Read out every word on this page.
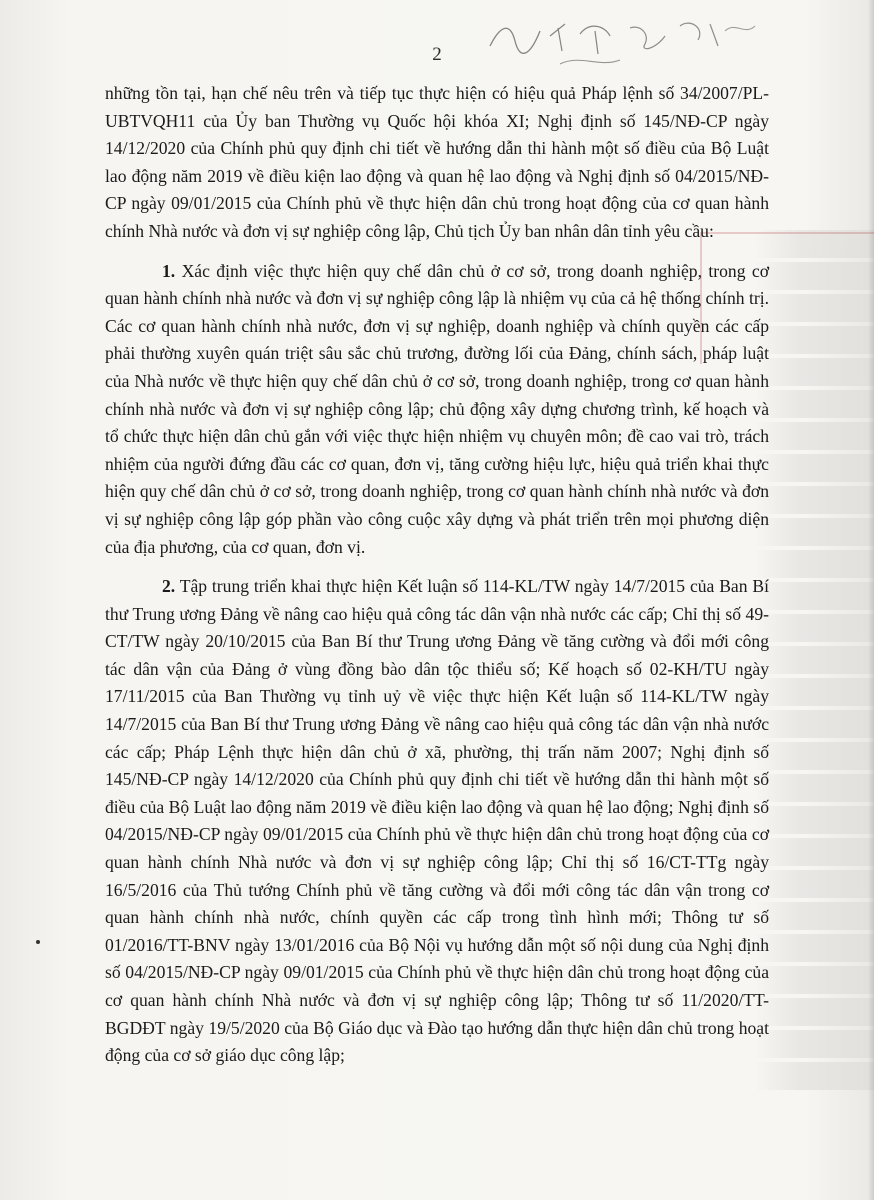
2

những tồn tại, hạn chế nêu trên và tiếp tục thực hiện có hiệu quả Pháp lệnh số 34/2007/PL-UBTVQH11 của Ủy ban Thường vụ Quốc hội khóa XI; Nghị định số 145/NĐ-CP ngày 14/12/2020 của Chính phủ quy định chi tiết về hướng dẫn thi hành một số điều của Bộ Luật lao động năm 2019 về điều kiện lao động và quan hệ lao động và Nghị định số 04/2015/NĐ-CP ngày 09/01/2015 của Chính phủ về thực hiện dân chủ trong hoạt động của cơ quan hành chính Nhà nước và đơn vị sự nghiệp công lập, Chủ tịch Ủy ban nhân dân tỉnh yêu cầu:

1. Xác định việc thực hiện quy chế dân chủ ở cơ sở, trong doanh nghiệp, trong cơ quan hành chính nhà nước và đơn vị sự nghiệp công lập là nhiệm vụ của cả hệ thống chính trị. Các cơ quan hành chính nhà nước, đơn vị sự nghiệp, doanh nghiệp và chính quyền các cấp phải thường xuyên quán triệt sâu sắc chủ trương, đường lối của Đảng, chính sách, pháp luật của Nhà nước về thực hiện quy chế dân chủ ở cơ sở, trong doanh nghiệp, trong cơ quan hành chính nhà nước và đơn vị sự nghiệp công lập; chủ động xây dựng chương trình, kế hoạch và tổ chức thực hiện dân chủ gắn với việc thực hiện nhiệm vụ chuyên môn; đề cao vai trò, trách nhiệm của người đứng đầu các cơ quan, đơn vị, tăng cường hiệu lực, hiệu quả triển khai thực hiện quy chế dân chủ ở cơ sở, trong doanh nghiệp, trong cơ quan hành chính nhà nước và đơn vị sự nghiệp công lập góp phần vào công cuộc xây dựng và phát triển trên mọi phương diện của địa phương, của cơ quan, đơn vị.

2. Tập trung triển khai thực hiện Kết luận số 114-KL/TW ngày 14/7/2015 của Ban Bí thư Trung ương Đảng về nâng cao hiệu quả công tác dân vận nhà nước các cấp; Chỉ thị số 49-CT/TW ngày 20/10/2015 của Ban Bí thư Trung ương Đảng về tăng cường và đổi mới công tác dân vận của Đảng ở vùng đồng bào dân tộc thiểu số; Kế hoạch số 02-KH/TU ngày 17/11/2015 của Ban Thường vụ tỉnh uỷ về việc thực hiện Kết luận số 114-KL/TW ngày 14/7/2015 của Ban Bí thư Trung ương Đảng về nâng cao hiệu quả công tác dân vận nhà nước các cấp; Pháp Lệnh thực hiện dân chủ ở xã, phường, thị trấn năm 2007; Nghị định số 145/NĐ-CP ngày 14/12/2020 của Chính phủ quy định chi tiết về hướng dẫn thi hành một số điều của Bộ Luật lao động năm 2019 về điều kiện lao động và quan hệ lao động; Nghị định số 04/2015/NĐ-CP ngày 09/01/2015 của Chính phủ về thực hiện dân chủ trong hoạt động của cơ quan hành chính Nhà nước và đơn vị sự nghiệp công lập; Chỉ thị số 16/CT-TTg ngày 16/5/2016 của Thủ tướng Chính phủ về tăng cường và đổi mới công tác dân vận trong cơ quan hành chính nhà nước, chính quyền các cấp trong tình hình mới; Thông tư số 01/2016/TT-BNV ngày 13/01/2016 của Bộ Nội vụ hướng dẫn một số nội dung của Nghị định số 04/2015/NĐ-CP ngày 09/01/2015 của Chính phủ về thực hiện dân chủ trong hoạt động của cơ quan hành chính Nhà nước và đơn vị sự nghiệp công lập; Thông tư số 11/2020/TT-BGDĐT ngày 19/5/2020 của Bộ Giáo dục và Đào tạo hướng dẫn thực hiện dân chủ trong hoạt động của cơ sở giáo dục công lập;
